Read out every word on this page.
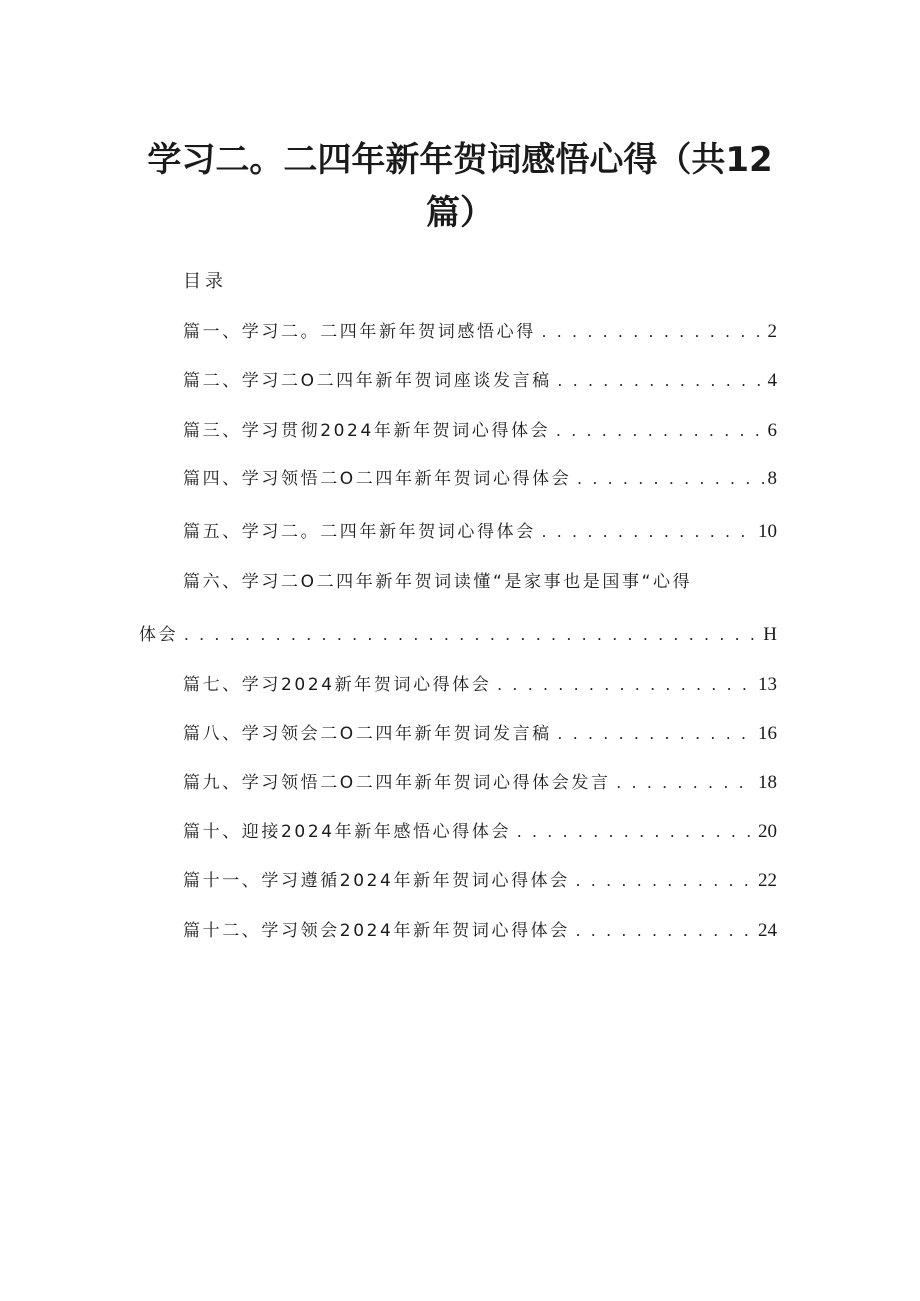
学习二。二四年新年贺词感悟心得（共12
篇）
目录
篇一、学习二。二四年新年贺词感悟心得 . . .	2
篇二、学习二O二四年新年贺词座谈发言稿 . . .	4
篇三、学习贯彻2024年新年贺词心得体会 . . .	6
篇四、学习领悟二O二四年新年贺词心得体会 . . .	8
篇五、学习二。二四年新年贺词心得体会 . . .	10
篇六、学习二O二四年新年贺词读懂“是家事也是国事“心得
体会 . . .	H
篇七、学习2024新年贺词心得体会 . . .	13
篇八、学习领会二O二四年新年贺词发言稿 . . .	16
篇九、学习领悟二O二四年新年贺词心得体会发言 . . .	18
篇十、迎接2024年新年感悟心得体会 . . .	20
篇十一、学习遵循2024年新年贺词心得体会 . . .	22
篇十二、学习领会2024年新年贺词心得体会 . . .	24
